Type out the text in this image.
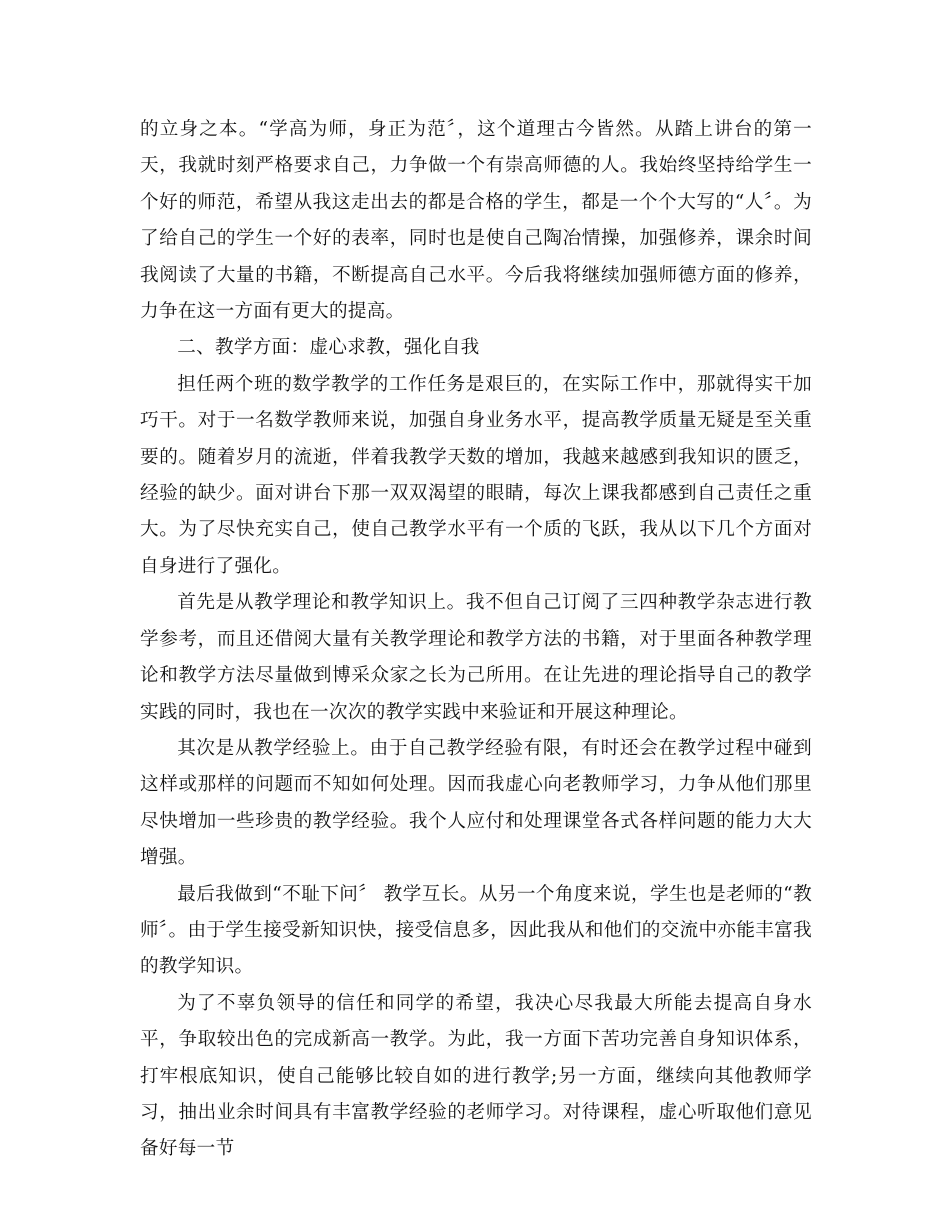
的立身之本。“学高为师，身正为范〞，这个道理古今皆然。从踏上讲台的第一天，我就时刻严格要求自己，力争做一个有崇高师德的人。我始终坚持给学生一个好的师范，希望从我这走出去的都是合格的学生，都是一个个大写的“人〞。为了给自己的学生一个好的表率，同时也是使自己陶冶情操，加强修养，课余时间我阅读了大量的书籍，不断提高自己水平。今后我将继续加强师德方面的修养，力争在这一方面有更大的提高。

二、教学方面：虚心求教，强化自我

担任两个班的数学教学的工作任务是艰巨的，在实际工作中，那就得实干加巧干。对于一名数学教师来说，加强自身业务水平，提高教学质量无疑是至关重要的。随着岁月的流逝，伴着我教学天数的增加，我越来越感到我知识的匮乏，经验的缺少。面对讲台下那一双双渴望的眼睛，每次上课我都感到自己责任之重大。为了尽快充实自己，使自己教学水平有一个质的飞跃，我从以下几个方面对自身进行了强化。

首先是从教学理论和教学知识上。我不但自己订阅了三四种教学杂志进行教学参考，而且还借阅大量有关教学理论和教学方法的书籍，对于里面各种教学理论和教学方法尽量做到博采众家之长为己所用。在让先进的理论指导自己的教学实践的同时，我也在一次次的教学实践中来验证和开展这种理论。

其次是从教学经验上。由于自己教学经验有限，有时还会在教学过程中碰到这样或那样的问题而不知如何处理。因而我虚心向老教师学习，力争从他们那里尽快增加一些珍贵的教学经验。我个人应付和处理课堂各式各样问题的能力大大增强。

最后我做到“不耻下问〞 教学互长。从另一个角度来说，学生也是老师的“教师〞。由于学生接受新知识快，接受信息多，因此我从和他们的交流中亦能丰富我的教学知识。

为了不辜负领导的信任和同学的希望，我决心尽我最大所能去提高自身水平，争取较出色的完成新高一教学。为此，我一方面下苦功完善自身知识体系，打牢根底知识，使自己能够比较自如的进行教学;另一方面，继续向其他教师学习，抽出业余时间具有丰富教学经验的老师学习。对待课程，虚心听取他们意见备好每一节
